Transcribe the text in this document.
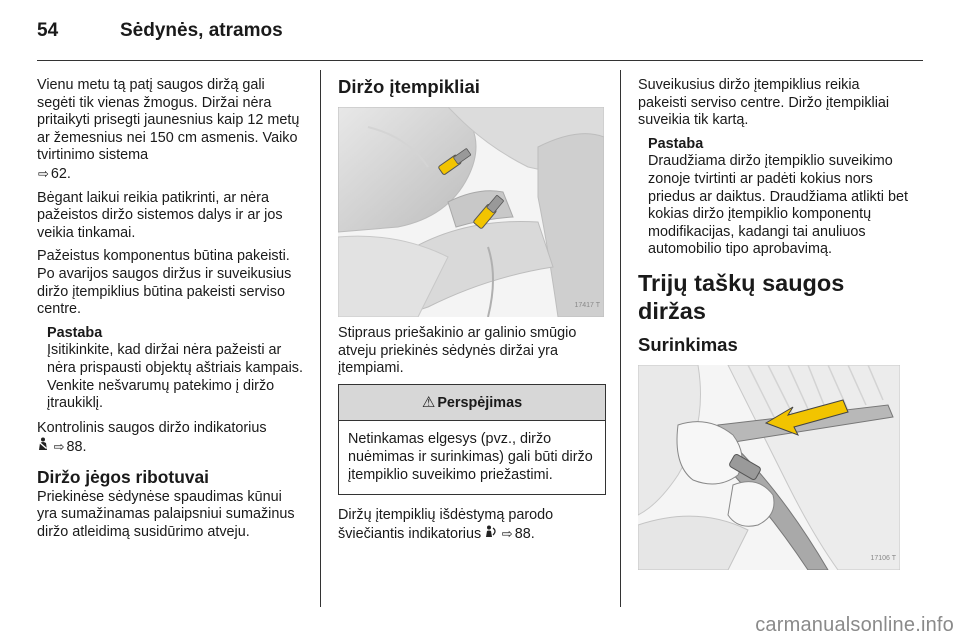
54	Sėdynės, atramos

Vienu metu tą patį saugos diržą gali segėti tik vienas žmogus. Diržai nėra pritaikyti prisegti jaunesnius kaip 12 metų ar žemesnius nei 150 cm asmenis. Vaiko tvirtinimo sistema
⇨ 62.

Bėgant laikui reikia patikrinti, ar nėra pažeistos diržo sistemos dalys ir ar jos veikia tinkamai.

Pažeistus komponentus būtina pakeisti. Po avarijos saugos diržus ir suveikusius diržo įtempiklius būtina pakeisti serviso centre.

Pastaba
Įsitikinkite, kad diržai nėra pažeisti ar nėra prispausti objektų aštriais kampais. Venkite nešvarumų patekimo į diržo įtraukiklį.

Kontrolinis saugos diržo indikatorius
⇨ 88.

Diržo jėgos ribotuvai

Priekinėse sėdynėse spaudimas kūnui yra sumažinamas palaipsniui sumažinus diržo atleidimą susidūrimo atveju.

Diržo įtempikliai
17417 T

Stipraus priešakinio ar galinio smūgio atveju priekinės sėdynės diržai yra įtempiami.

⚠ Perspėjimas
Netinkamas elgesys (pvz., diržo nuėmimas ir surinkimas) gali būti diržo įtempiklio suveikimo priežastimi.

Diržų įtempiklių išdėstymą parodo šviečiantis indikatorius ⇨ 88.

Suveikusius diržo įtempiklius reikia pakeisti serviso centre. Diržo įtempikliai suveikia tik kartą.

Pastaba
Draudžiama diržo įtempiklio suveikimo zonoje tvirtinti ar padėti kokius nors priedus ar daiktus. Draudžiama atlikti bet kokias diržo įtempiklio komponentų modifikacijas, kadangi tai anuliuos automobilio tipo aprobavimą.
Trijų taškų saugos diržas
Surinkimas
17106 T
carmanualsonline.info
